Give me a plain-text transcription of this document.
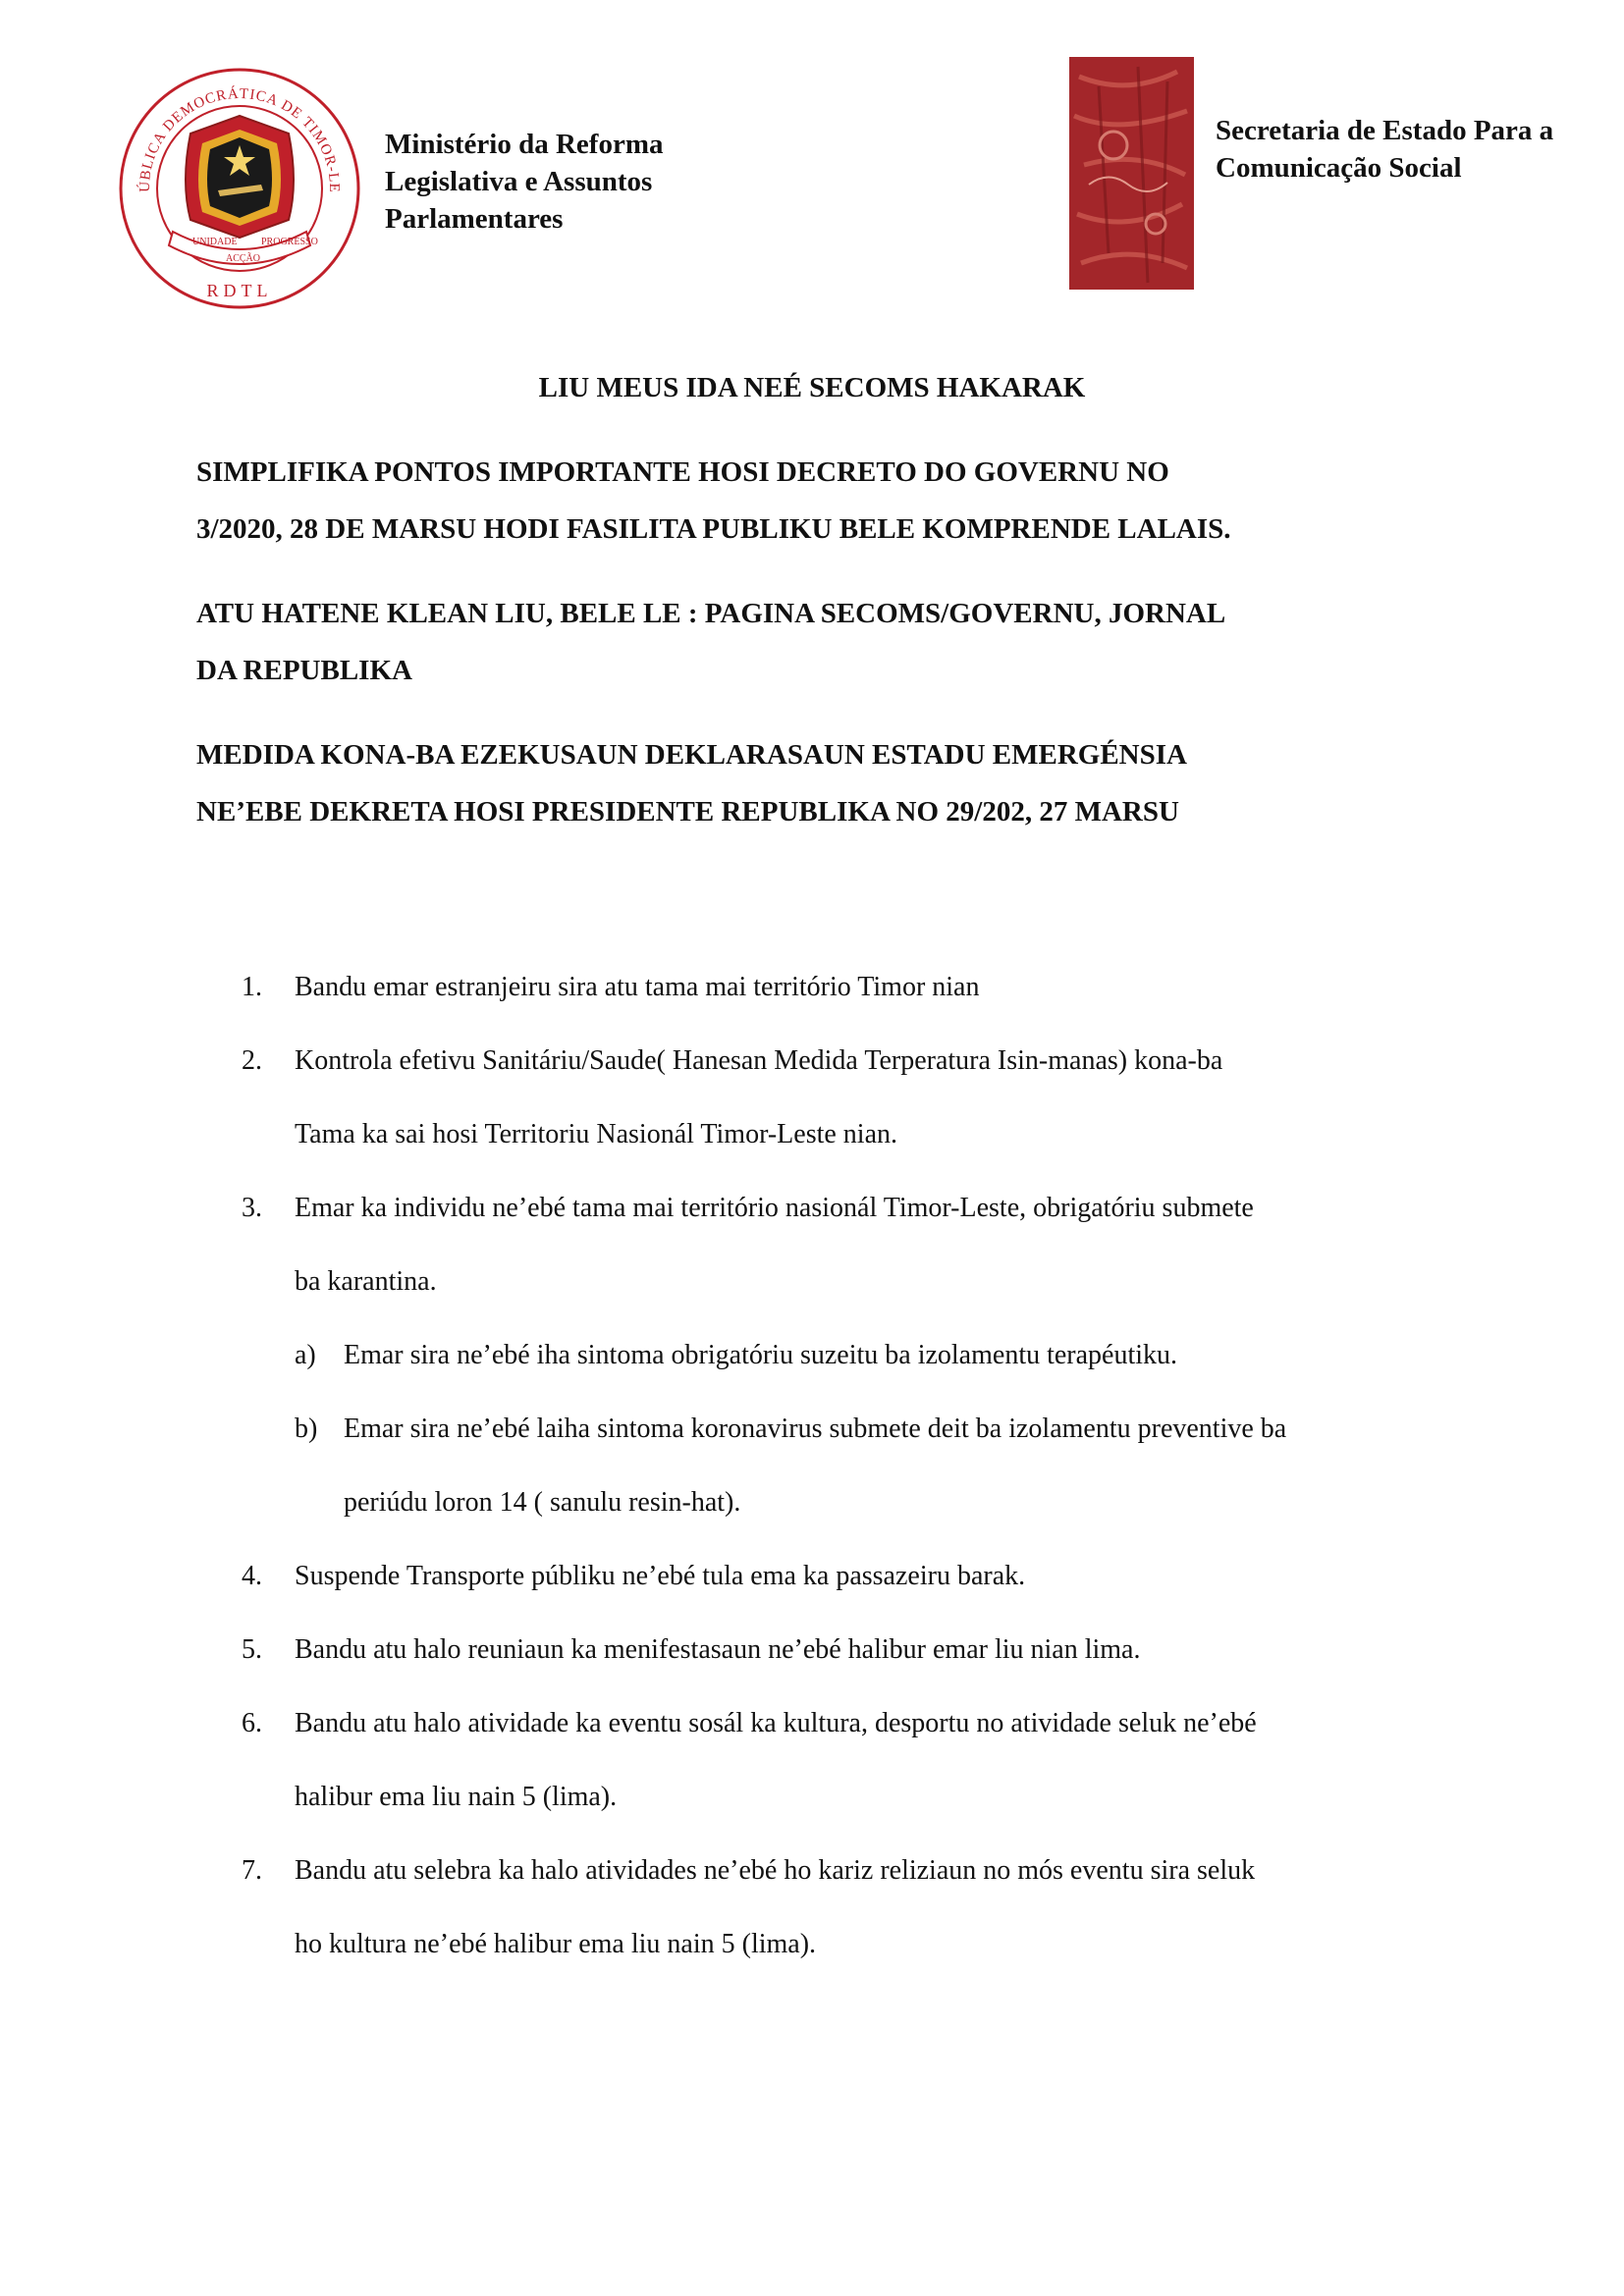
ÚBLICA DEMOCRÁTICA DE TIMOR-LE
UNIDADE
ACÇÃO
PROGRESSO
RDTL
Ministério da Reforma
Legislativa e Assuntos
Parlamentares
Secretaria de Estado Para a
Comunicação Social
LIU MEUS IDA NEÉ SECOMS HAKARAK
SIMPLIFIKA PONTOS IMPORTANTE HOSI DECRETO DO GOVERNU NO
3/2020, 28 DE MARSU HODI FASILITA PUBLIKU BELE KOMPRENDE LALAIS.
ATU HATENE KLEAN LIU, BELE LE : PAGINA SECOMS/GOVERNU, JORNAL
DA REPUBLIKA
MEDIDA KONA-BA EZEKUSAUN DEKLARASAUN ESTADU EMERGÉNSIA
NE’EBE DEKRETA HOSI PRESIDENTE REPUBLIKA NO 29/202, 27 MARSU
1. Bandu emar estranjeiru sira atu tama mai território Timor nian
2. Kontrola efetivu Sanitáriu/Saude( Hanesan Medida Terperatura Isin-manas) kona-ba
Tama ka sai hosi Territoriu Nasionál Timor-Leste nian.
3. Emar ka individu ne’ebé tama mai território nasionál Timor-Leste, obrigatóriu submete
ba karantina.
a) Emar sira ne’ebé iha sintoma obrigatóriu suzeitu ba izolamentu terapéutiku.
b) Emar sira ne’ebé laiha sintoma koronavirus submete deit ba izolamentu preventive ba
periúdu loron 14 ( sanulu resin-hat).
4. Suspende Transporte públiku ne’ebé tula ema ka passazeiru barak.
5. Bandu atu halo reuniaun ka menifestasaun ne’ebé halibur emar liu nian lima.
6. Bandu atu halo atividade ka eventu sosál ka kultura, desportu no atividade seluk ne’ebé
halibur ema liu nain 5 (lima).
7. Bandu atu selebra ka halo atividades ne’ebé ho kariz reliziaun no mós eventu sira seluk
ho kultura ne’ebé halibur ema liu nain 5 (lima).
